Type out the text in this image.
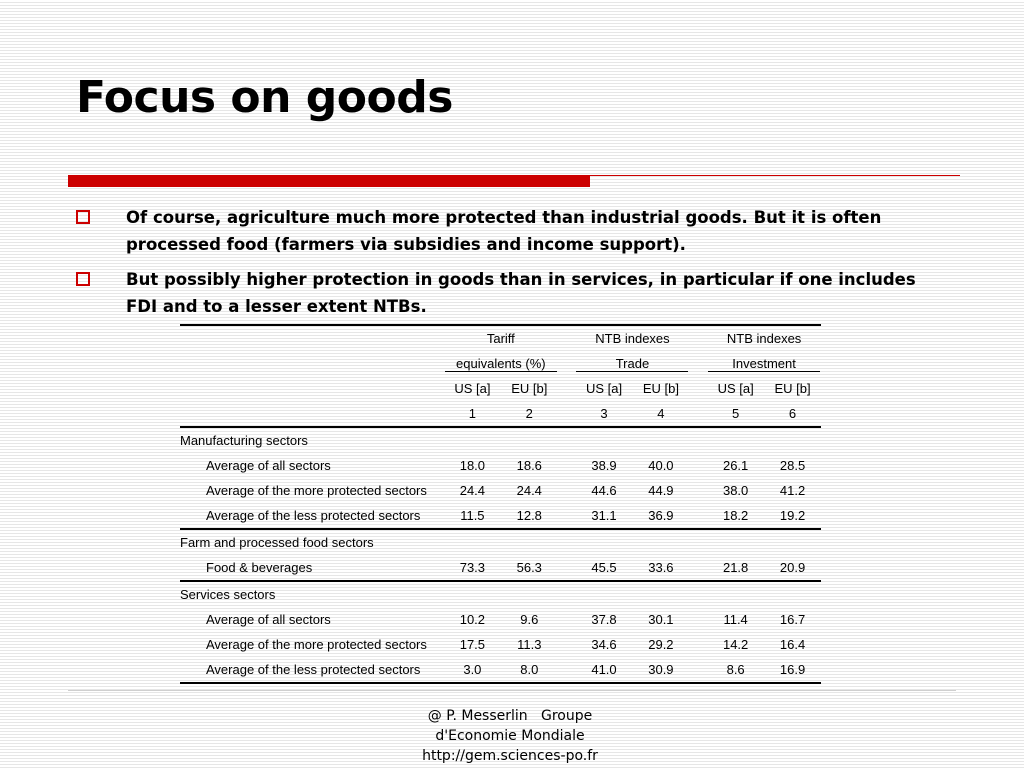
Focus on goods
Of course, agriculture much more protected than industrial goods. But it is often processed food (farmers via subsidies and income support).
But possibly higher protection in goods than in services, in particular if one includes FDI and to a lesser extent NTBs.
	Tariff			NTB indexes			NTB indexes	
	equivalents (%)			Trade			Investment	
	US [a]	EU [b]		US [a]	EU [b]		US [a]	EU [b]
	1	2		3	4		5	6
Manufacturing sectors								
Average of all sectors	18.0	18.6		38.9	40.0		26.1	28.5
Average of the more protected sectors	24.4	24.4		44.6	44.9		38.0	41.2
Average of the less protected sectors	11.5	12.8		31.1	36.9		18.2	19.2
Farm and processed food sectors								
Food & beverages	73.3	56.3		45.5	33.6		21.8	20.9
Services sectors								
Average of all sectors	10.2	9.6		37.8	30.1		11.4	16.7
Average of the more protected sectors	17.5	11.3		34.6	29.2		14.2	16.4
Average of the less protected sectors	3.0	8.0		41.0	30.9		8.6	16.9
@ P. Messerlin   Groupe
d'Economie Mondiale
http://gem.sciences-po.fr
